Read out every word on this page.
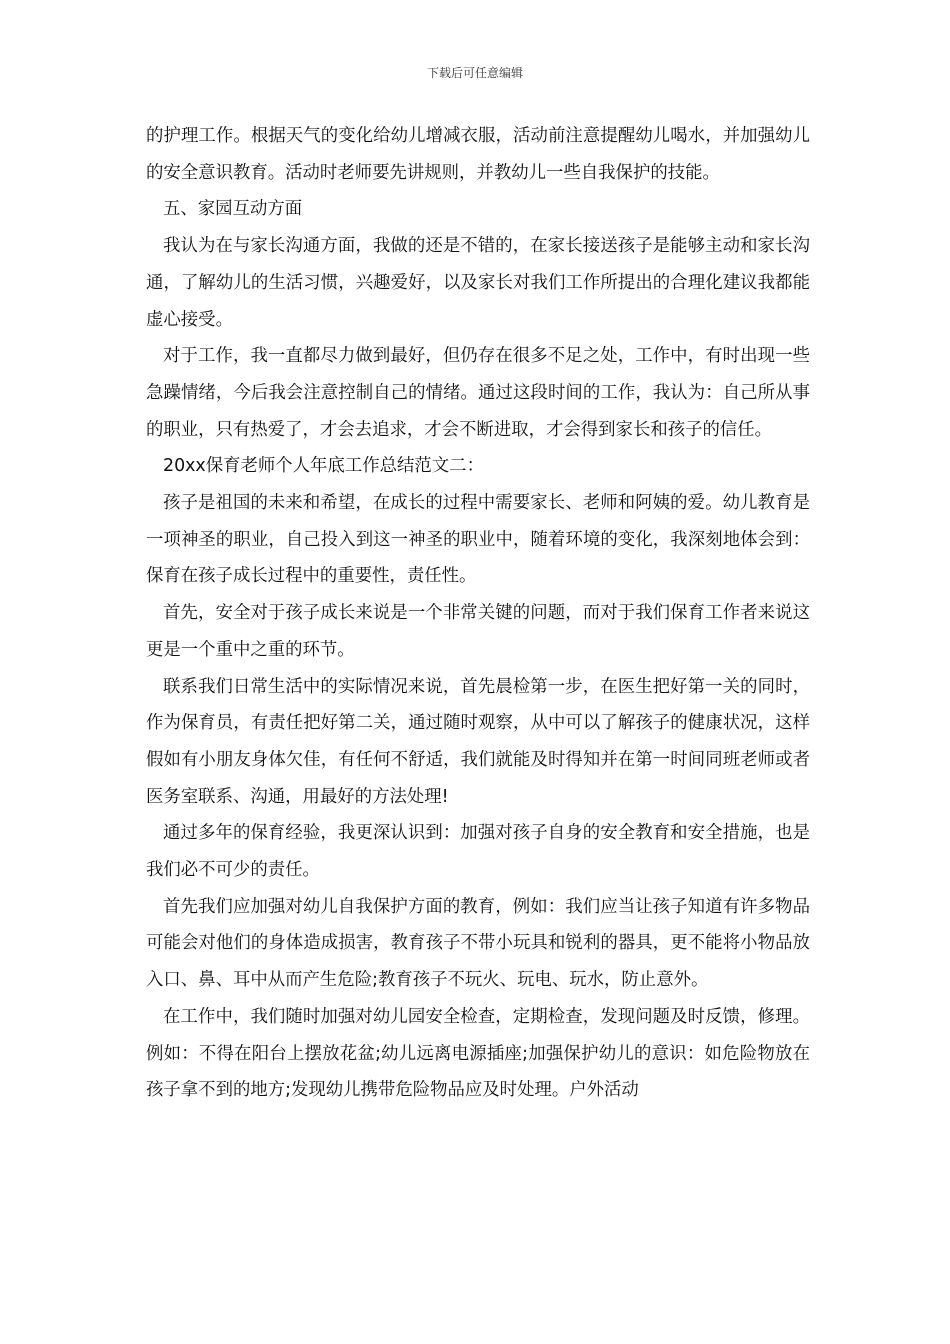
下载后可任意编辑

的护理工作。根据天气的变化给幼儿增减衣服，活动前注意提醒幼儿喝水，并加强幼儿的安全意识教育。活动时老师要先讲规则，并教幼儿一些自我保护的技能。

五、家园互动方面

我认为在与家长沟通方面，我做的还是不错的，在家长接送孩子是能够主动和家长沟通，了解幼儿的生活习惯，兴趣爱好，以及家长对我们工作所提出的合理化建议我都能虚心接受。

对于工作，我一直都尽力做到最好，但仍存在很多不足之处，工作中，有时出现一些急躁情绪，今后我会注意控制自己的情绪。通过这段时间的工作，我认为：自己所从事的职业，只有热爱了，才会去追求，才会不断进取，才会得到家长和孩子的信任。

20xx保育老师个人年底工作总结范文二：

孩子是祖国的未来和希望，在成长的过程中需要家长、老师和阿姨的爱。幼儿教育是一项神圣的职业，自己投入到这一神圣的职业中，随着环境的变化，我深刻地体会到：保育在孩子成长过程中的重要性，责任性。

首先，安全对于孩子成长来说是一个非常关键的问题，而对于我们保育工作者来说这更是一个重中之重的环节。

联系我们日常生活中的实际情况来说，首先晨检第一步，在医生把好第一关的同时，作为保育员，有责任把好第二关，通过随时观察，从中可以了解孩子的健康状况，这样假如有小朋友身体欠佳，有任何不舒适，我们就能及时得知并在第一时间同班老师或者医务室联系、沟通，用最好的方法处理!

通过多年的保育经验，我更深认识到：加强对孩子自身的安全教育和安全措施，也是我们必不可少的责任。

首先我们应加强对幼儿自我保护方面的教育，例如：我们应当让孩子知道有许多物品可能会对他们的身体造成损害，教育孩子不带小玩具和锐利的器具，更不能将小物品放入口、鼻、耳中从而产生危险;教育孩子不玩火、玩电、玩水，防止意外。

在工作中，我们随时加强对幼儿园安全检查，定期检查，发现问题及时反馈，修理。例如：不得在阳台上摆放花盆;幼儿远离电源插座;加强保护幼儿的意识：如危险物放在孩子拿不到的地方;发现幼儿携带危险物品应及时处理。户外活动
